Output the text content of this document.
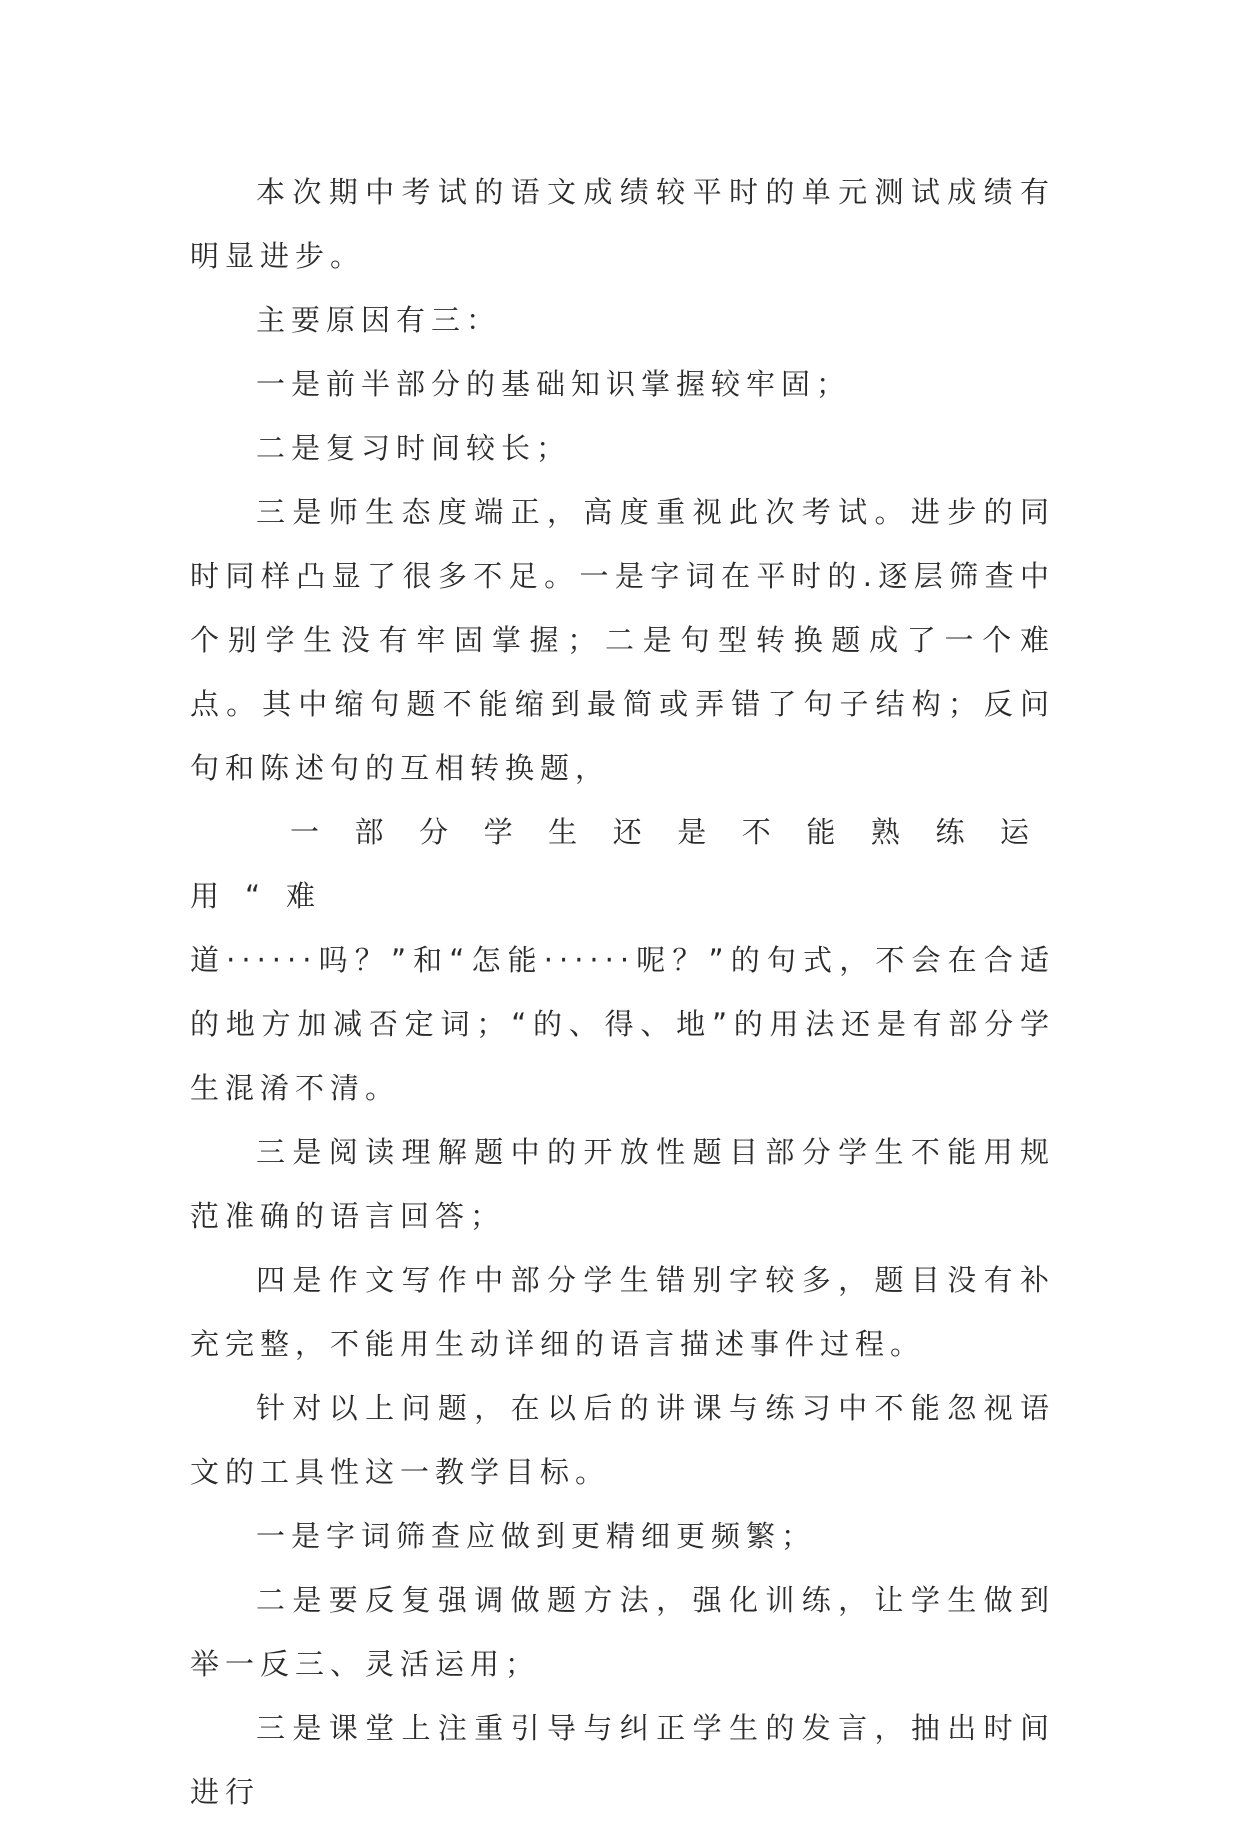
本次期中考试的语文成绩较平时的单元测试成绩有明显进步。

主要原因有三：

一是前半部分的基础知识掌握较牢固；

二是复习时间较长；

三是师生态度端正，高度重视此次考试。进步的同时同样凸显了很多不足。一是字词在平时的.逐层筛查中个别学生没有牢固掌握；二是句型转换题成了一个难点。其中缩句题不能缩到最简或弄错了句子结构；反问句和陈述句的互相转换题，

一部分学生还是不能熟练运用“难

道······吗？”和“怎能······呢？”的句式，不会在合适的地方加减否定词；“的、得、地”的用法还是有部分学生混淆不清。

三是阅读理解题中的开放性题目部分学生不能用规范准确的语言回答；

四是作文写作中部分学生错别字较多，题目没有补充完整，不能用生动详细的语言描述事件过程。

针对以上问题，在以后的讲课与练习中不能忽视语文的工具性这一教学目标。

一是字词筛查应做到更精细更频繁；

二是要反复强调做题方法，强化训练，让学生做到举一反三、灵活运用；

三是课堂上注重引导与纠正学生的发言，抽出时间进行
